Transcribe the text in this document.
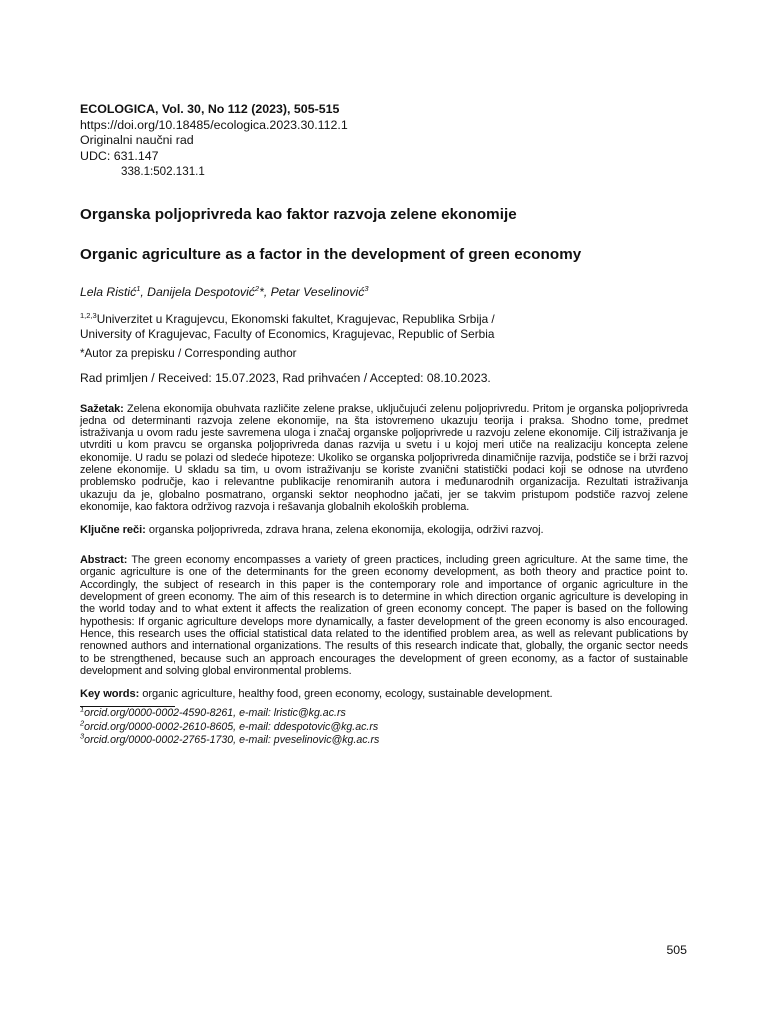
ECOLOGICA, Vol. 30, No 112 (2023), 505-515
https://doi.org/10.18485/ecologica.2023.30.112.1
Originalni naučni rad
UDC: 631.147
338.1:502.131.1
Organska poljoprivreda kao faktor razvoja zelene ekonomije
Organic agriculture as a factor in the development of green economy
Lela Ristić$^1$, Danijela Despotović$^2$*, Petar Veselinović$^3$
$^{1,2,3}$Univerzitet u Kragujevcu, Ekonomski fakultet, Kragujevac, Republika Srbija /
University of Kragujevac, Faculty of Economics, Kragujevac, Republic of Serbia
*Autor za prepisku / Corresponding author
Rad primljen / Received: 15.07.2023, Rad prihvaćen / Accepted: 08.10.2023.

Sažetak: Zelena ekonomija obuhvata različite zelene prakse, uključujući zelenu poljoprivredu. Pritom je organska poljoprivreda jedna od determinanti razvoja zelene ekonomije, na šta istovremeno ukazuju teorija i praksa. Shodno tome, predmet istraživanja u ovom radu jeste savremena uloga i značaj organske poljoprivrede u razvoju zelene ekonomije. Cilj istraživanja je utvrditi u kom pravcu se organska poljoprivreda danas razvija u svetu i u kojoj meri utiče na realizaciju koncepta zelene ekonomije. U radu se polazi od sledeće hipoteze: Ukoliko se organska poljoprivreda dinamičnije razvija, podstiče se i brži razvoj zelene ekonomije. U skladu sa tim, u ovom istraživanju se koriste zvanični statistički podaci koji se odnose na utvrđeno problemsko područje, kao i relevantne publikacije renomiranih autora i međunarodnih organizacija. Rezultati istraživanja ukazuju da je, globalno posmatrano, organski sektor neophodno jačati, jer se takvim pristupom podstiče razvoj zelene ekonomije, kao faktora održivog razvoja i rešavanja globalnih ekoloških problema.

Ključne reči: organska poljoprivreda, zdrava hrana, zelena ekonomija, ekologija, održivi razvoj.

Abstract: The green economy encompasses a variety of green practices, including green agriculture. At the same time, the organic agriculture is one of the determinants for the green economy development, as both theory and practice point to. Accordingly, the subject of research in this paper is the contemporary role and importance of organic agriculture in the development of green economy. The aim of this research is to determine in which direction organic agriculture is developing in the world today and to what extent it affects the realization of green economy concept. The paper is based on the following hypothesis: If organic agriculture develops more dynamically, a faster development of the green economy is also encouraged. Hence, this research uses the official statistical data related to the identified problem area, as well as relevant publications by renowned authors and international organizations. The results of this research indicate that, globally, the organic sector needs to be strengthened, because such an approach encourages the development of green economy, as a factor of sustainable development and solving global environmental problems.

Key words: organic agriculture, healthy food, green economy, ecology, sustainable development.

$^1$orcid.org/0000-0002-4590-8261, e-mail: lristic@kg.ac.rs
$^2$orcid.org/0000-0002-2610-8605, e-mail: ddespotovic@kg.ac.rs
$^3$orcid.org/0000-0002-2765-1730, e-mail: pveselinovic@kg.ac.rs
505
